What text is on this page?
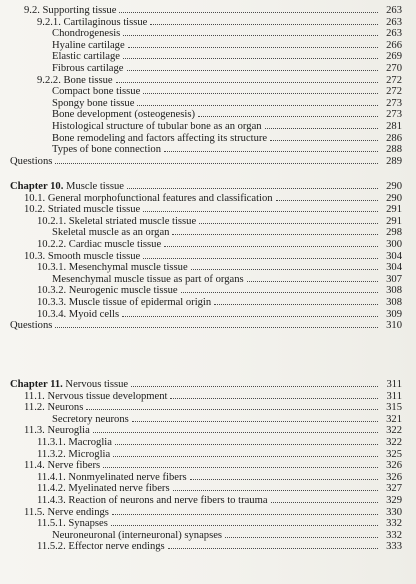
9.2. Supporting tissue	263
9.2.1. Cartilaginous tissue	263
Chondrogenesis	263
Hyaline cartilage	266
Elastic cartilage	269
Fibrous cartilage	270
9.2.2. Bone tissue	272
Compact bone tissue	272
Spongy bone tissue	273
Bone development (osteogenesis)	273
Histological structure of tubular bone as an organ	281
Bone remodeling and factors affecting its structure	286
Types of bone connection	288
Questions	289
Chapter 10. Muscle tissue	290
10.1. General morphofunctional features and classification	290
10.2. Striated muscle tissue	291
10.2.1. Skeletal striated muscle tissue	291
Skeletal muscle as an organ	298
10.2.2. Cardiac muscle tissue	300
10.3. Smooth muscle tissue	304
10.3.1. Mesenchymal muscle tissue	304
Mesenchymal muscle tissue as part of organs	307
10.3.2. Neurogenic muscle tissue	308
10.3.3. Muscle tissue of epidermal origin	308
10.3.4. Myoid cells	309
Questions	310
Chapter 11. Nervous tissue	311
11.1. Nervous tissue development	311
11.2. Neurons	315
Secretory neurons	321
11.3. Neuroglia	322
11.3.1. Macroglia	322
11.3.2. Microglia	325
11.4. Nerve fibers	326
11.4.1. Nonmyelinated nerve fibers	326
11.4.2. Myelinated nerve fibers	327
11.4.3. Reaction of neurons and nerve fibers to trauma	329
11.5. Nerve endings	330
11.5.1. Synapses	332
Neuroneuronal (interneuronal) synapses	332
11.5.2. Effector nerve endings	333
